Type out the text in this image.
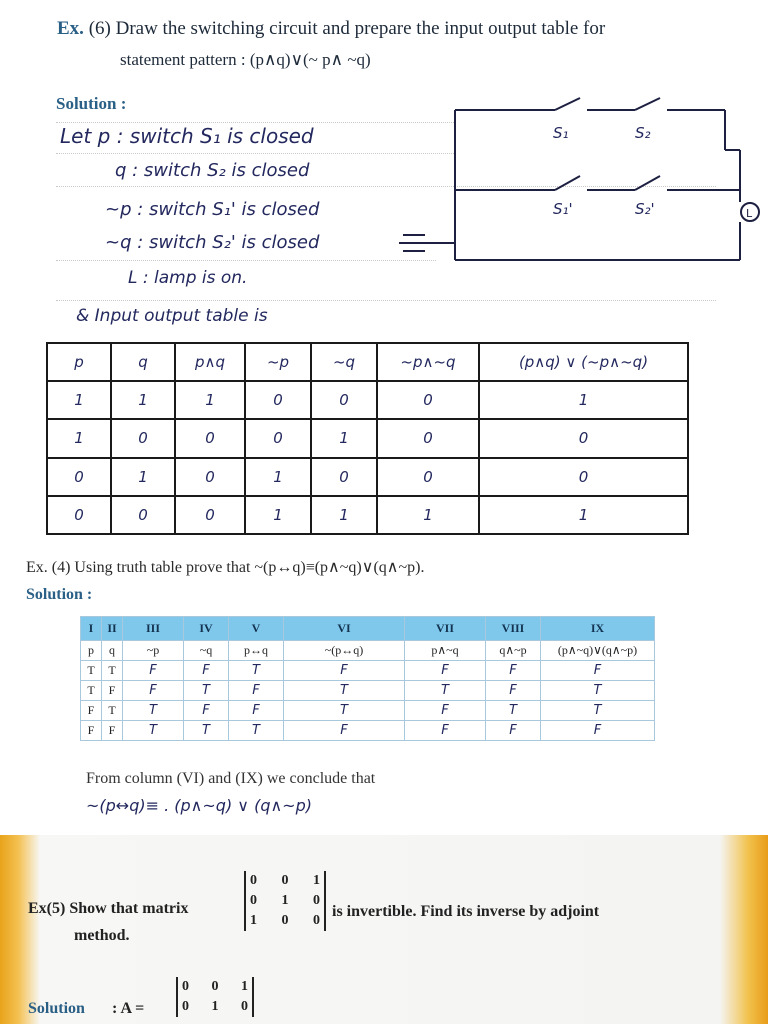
Ex. (6) Draw the switching circuit and prepare the input output table for
statement pattern : (p∧q)∨(~ p∧ ~q)
Solution :
Let p : switch S₁ is closed
q : switch S₂ is closed
~p : switch S₁' is closed
~q : switch S₂' is closed
L : lamp is on.
& Input output table is
L
S₁	S₂
S₁'	S₂'
p	q	p∧q	~p	~q	~p∧~q	(p∧q) ∨ (~p∧~q)
1	1	1	0	0	0	1
1	0	0	0	1	0	0
0	1	0	1	0	0	0
0	0	0	1	1	1	1
Ex. (4) Using truth table prove that ~(p↔q)≡(p∧~q)∨(q∧~p).
Solution :
I	II	III	IV	V	VI	VII	VIII	IX
p	q	~p	~q	p↔q	~(p↔q)	p∧~q	q∧~p	(p∧~q)∨(q∧~p)
T	T	F	F	T	F	F	F	F
T	F	F	T	F	T	T	F	T
F	T	T	F	F	T	F	T	T
F	F	T	T	T	F	F	F	F
From column (VI) and (IX) we conclude that
~(p↔q)≡ . (p∧~q) ∨ (q∧~p)
Ex(5) Show that matrix
0 0 1
0 1 0
1 0 0
is invertible. Find its inverse by adjoint
method.
Solution : A =
0 0 1
0 1 0
